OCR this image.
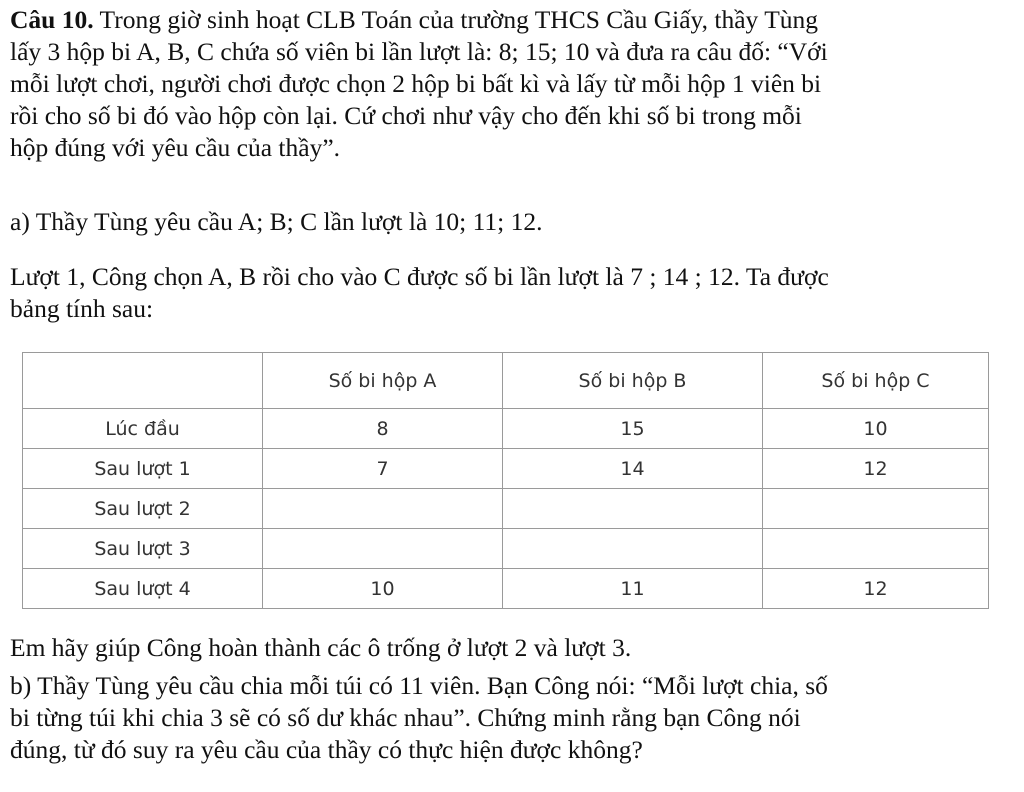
Câu 10. Trong giờ sinh hoạt CLB Toán của trường THCS Cầu Giấy, thầy Tùng
lấy 3 hộp bi A, B, C chứa số viên bi lần lượt là: 8; 15; 10 và đưa ra câu đố: “Với
mỗi lượt chơi, người chơi được chọn 2 hộp bi bất kì và lấy từ mỗi hộp 1 viên bi
rồi cho số bi đó vào hộp còn lại. Cứ chơi như vậy cho đến khi số bi trong mỗi
hộp đúng với yêu cầu của thầy”.

a) Thầy Tùng yêu cầu A; B; C lần lượt là 10; 11; 12.

Lượt 1, Công chọn A, B rồi cho vào C được số bi lần lượt là 7 ; 14 ; 12. Ta được
bảng tính sau:

	Số bi hộp A	Số bi hộp B	Số bi hộp C
Lúc đầu	8	15	10
Sau lượt 1	7	14	12
Sau lượt 2			
Sau lượt 3			
Sau lượt 4	10	11	12

Em hãy giúp Công hoàn thành các ô trống ở lượt 2 và lượt 3.

b) Thầy Tùng yêu cầu chia mỗi túi có 11 viên. Bạn Công nói: “Mỗi lượt chia, số
bi từng túi khi chia 3 sẽ có số dư khác nhau”. Chứng minh rằng bạn Công nói
đúng, từ đó suy ra yêu cầu của thầy có thực hiện được không?
